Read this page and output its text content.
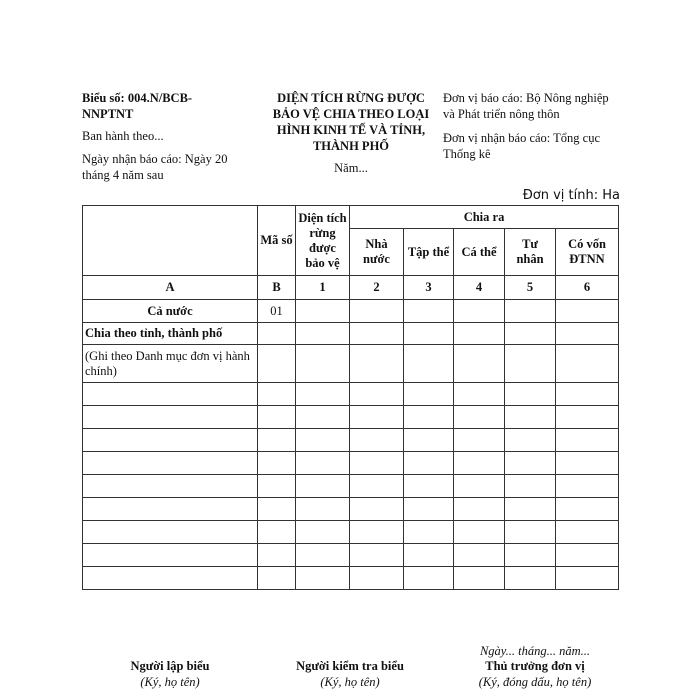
Biểu số: 004.N/BCB-NNPTNT
Ban hành theo...
Ngày nhận báo cáo: Ngày 20 tháng 4 năm sau
DIỆN TÍCH RỪNG ĐƯỢC BẢO VỆ CHIA THEO LOẠI HÌNH KINH TẾ VÀ TỈNH, THÀNH PHỐ
Năm...
Đơn vị báo cáo: Bộ Nông nghiệp và Phát triển nông thôn
Đơn vị nhận báo cáo: Tổng cục Thống kê
Đơn vị tính: Ha
	Mã số	Diện tích rừng được bảo vệ	Chia ra				
			Nhà nước	Tập thể	Cá thể	Tư nhân	Có vốn ĐTNN
A	B	1	2	3	4	5	6
Cả nước	01						
Chia theo tỉnh, thành phố							
(Ghi theo Danh mục đơn vị hành chính)							

Ngày... tháng... năm...
Người lập biểu
(Ký, họ tên)
Người kiểm tra biểu
(Ký, họ tên)
Thủ trưởng đơn vị
(Ký, đóng dấu, họ tên)
